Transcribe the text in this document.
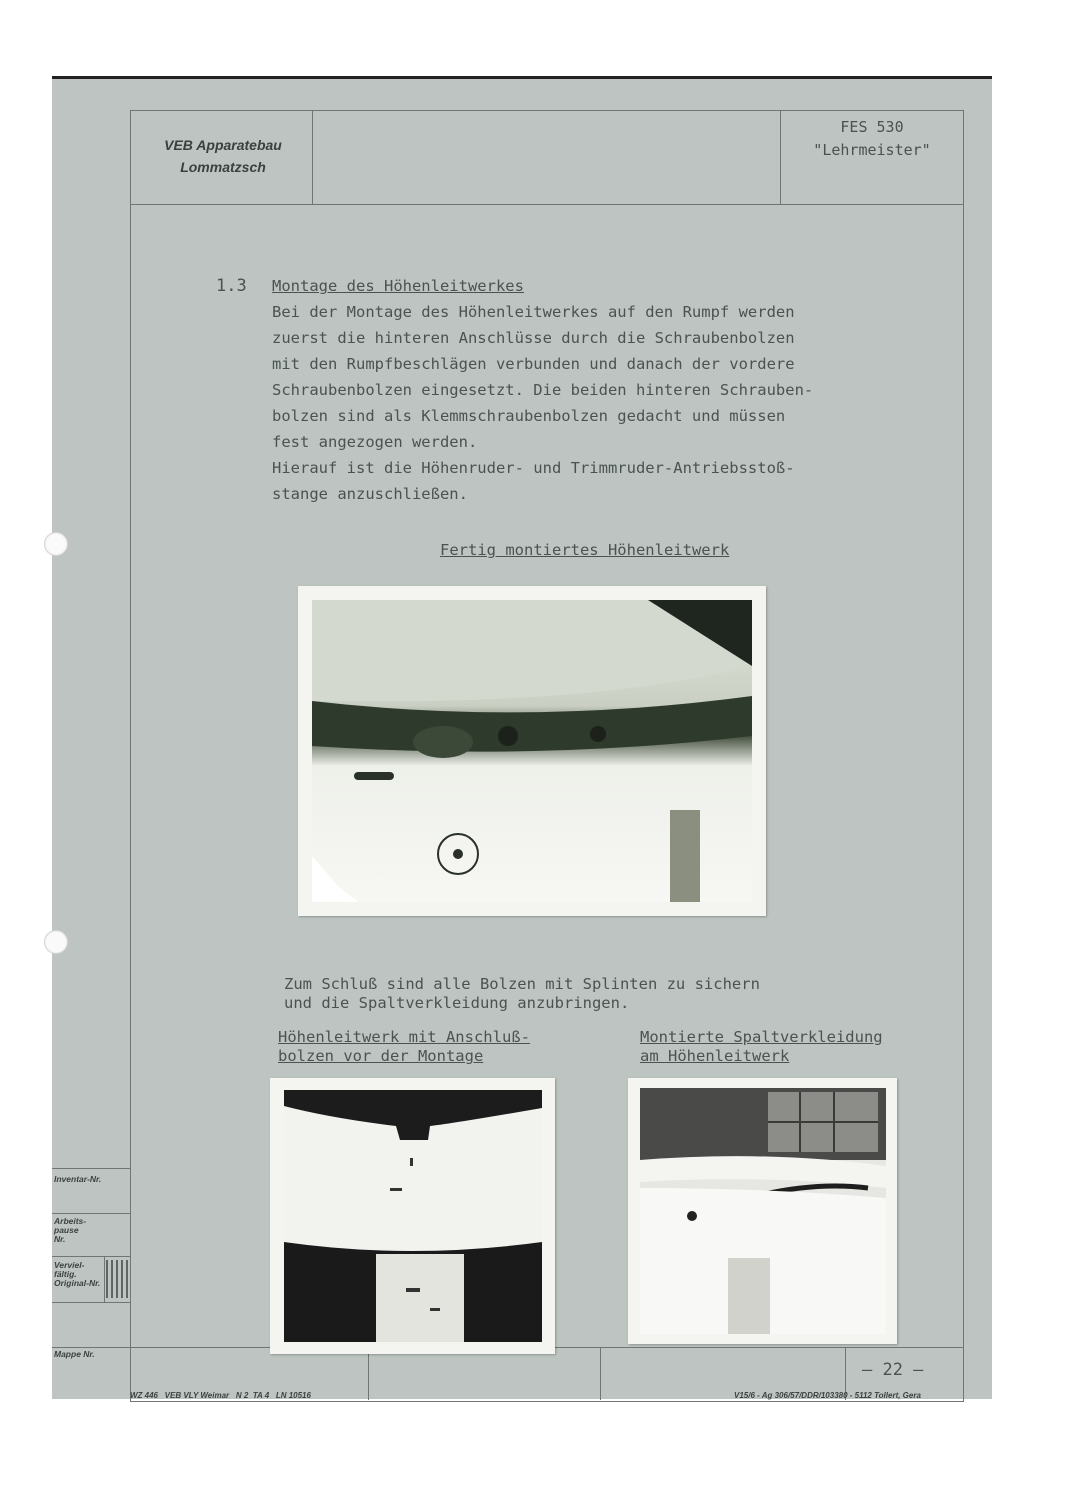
Inventar-Nr.
Arbeits-
pause
Nr.
Verviel-
fältig.
Original-Nr.
Mappe Nr.
VEB Apparatebau
Lommatzsch
FES 530
"Lehrmeister"
1.3 Montage des Höhenleitwerkes
Bei der Montage des Höhenleitwerkes auf den Rumpf werden
zuerst die hinteren Anschlüsse durch die Schraubenbolzen
mit den Rumpfbeschlägen verbunden und danach der vordere
Schraubenbolzen eingesetzt. Die beiden hinteren Schrauben-
bolzen sind als Klemmschraubenbolzen gedacht und müssen
fest angezogen werden.
Hierauf ist die Höhenruder- und Trimmruder-Antriebsstoß-
stange anzuschließen.
Fertig montiertes Höhenleitwerk
Zum Schluß sind alle Bolzen mit Splinten zu sichern
und die Spaltverkleidung anzubringen.
Höhenleitwerk mit Anschluß-
bolzen vor der Montage
Montierte Spaltverkleidung
am Höhenleitwerk
– 22 –
WZ 446   VEB VLY Weimar   N 2  TA 4   LN 10516	V15/6 - Ag 306/57/DDR/103380 - 5112 Tollert, Gera
